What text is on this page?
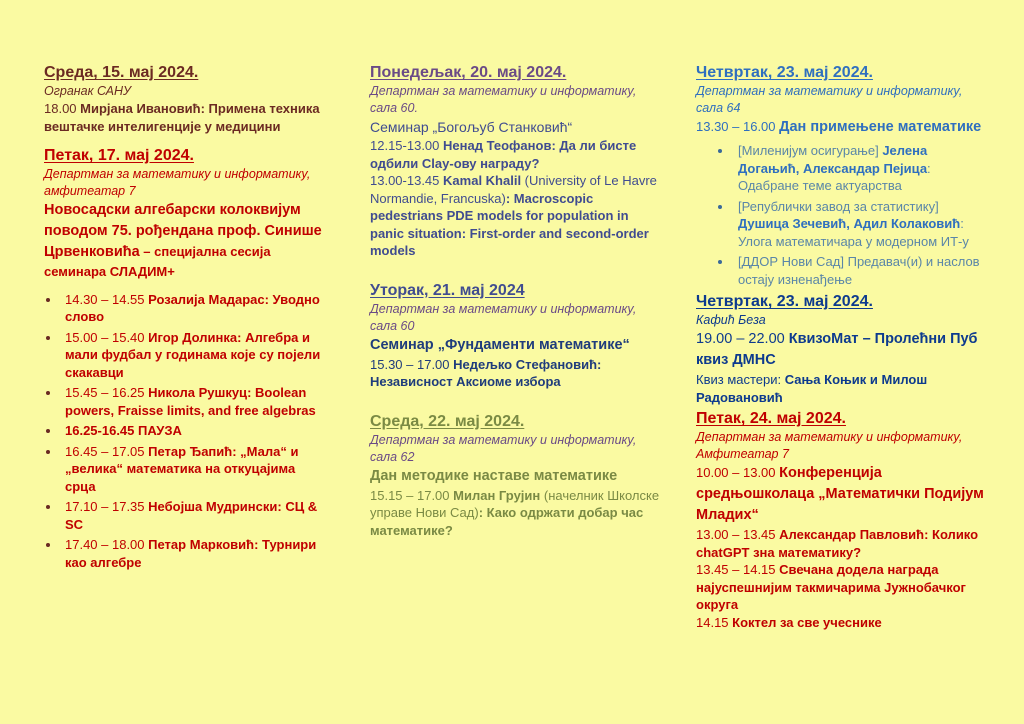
Среда, 15. мај 2024.
Огранак САНУ
18.00 Мирјана Ивановић: Примена техника вештачке интелигенције у медицини
Петак, 17. мај 2024.
Департман за математику и информатику, амфитеатар 7
Новосадски алгебарски колоквијум поводом 75. рођендана проф. Синише Црвенковића – специјална сесија семинара СЛАДИМ+
14.30 – 14.55 Розалија Мадарас: Уводно слово
15.00 – 15.40 Игор Долинка: Алгебра и мали фудбал у годинама које су појели скакавци
15.45 – 16.25 Никола Рушкуц: Boolean powers, Fraisse limits, and free algebras
16.25-16.45 ПАУЗА
16.45 – 17.05 Петар Ђапић: „Мала“ и „велика“ математика на откуцајима срца
17.10 – 17.35 Небојша Мудрински: СЦ & SC
17.40 – 18.00 Петар Марковић: Турнири као алгебре
Понедељак, 20. мај 2024.
Департман за математику и информатику, сала 60.
Семинар „Богољуб Станковић“
12.15-13.00 Ненад Теофанов: Да ли бисте одбили Clay-ову награду?
13.00-13.45 Kamal Khalil (University of Le Havre Normandie, Francuska): Macroscopic pedestrians PDE models for population in panic situation: First-order and second-order models
Уторак, 21. мај 2024
Департман за математику и информатику, сала 60
Семинар „Фундаменти математике“
15.30 – 17.00 Недељко Стефановић: Независност Аксиоме избора
Среда, 22. мај 2024.
Департман за математику и информатику, сала 62
Дан методике наставе математике
15.15 – 17.00 Милан Грујин (начелник Школске управе Нови Сад): Како одржати добар час математике?
Четвртак, 23. мај 2024.
Департман за математику и информатику, сала 64
13.30 – 16.00 Дан примењене математике
[Миленијум осигурање] Јелена Догањић, Александар Пејица: Одабране теме актуарства
[Републички завод за статистику] Душица Зечевић, Адил Колаковић: Улога математичара у модерном ИТ-у
[ДДОР Нови Сад] Предавач(и) и наслов остају изненађење
Четвртак, 23. мај 2024.
Кафић Беза
19.00 – 22.00 КвизоМат – Пролећни Пуб квиз ДМНС
Квиз мастери: Сања Коњик и Милош Радовановић
Петак, 24. мај 2024.
Департман за математику и информатику, Амфитеатар 7
10.00 – 13.00 Конференција средњошколаца „Математички Подијум Младих“
13.00 – 13.45 Александар Павловић: Колико chatGPT зна математику?
13.45 – 14.15 Свечана додела награда најуспешнијим такмичарима Јужнобачког округа
14.15 Коктел за све учеснике
